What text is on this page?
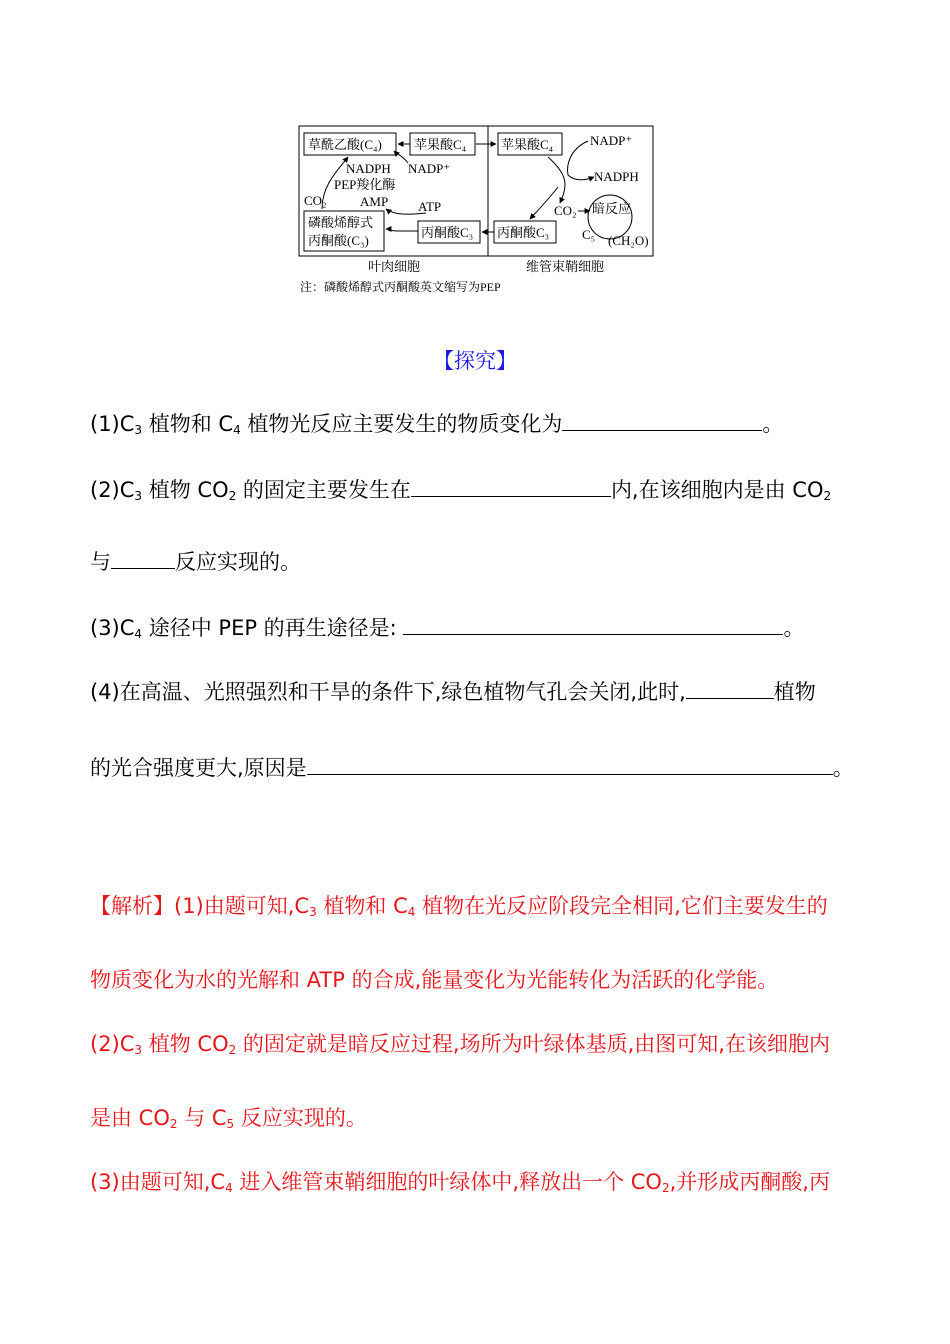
草酰乙酸(C₄) 苹果酸C₄
NADPH NADP⁺
PEP羧化酶
AMP ATP
CO₂
磷酸烯醇式
丙酮酸(C₃)
丙酮酸C₃
苹果酸C₄	NADP⁺
NADPH
CO₂ 暗反应
C₅ (CH₂O)
丙酮酸C₃
叶肉细胞	维管束鞘细胞
注：磷酸烯醇式丙酮酸英文缩写为PEP
【探究】
$(1)C_3$ 植物和 $C_4$ 植物光反应主要发生的物质变化为	。
$(2)C_3$ 植物 $CO_2$ 的固定主要发生在	内,在该细胞内是由 $CO_2$
与	反应实现的。
$(3)C_4$ 途径中 PEP 的再生途径是:	。
(4)在高温、光照强烈和干旱的条件下,绿色植物气孔会关闭,此时,	植物
的光合强度更大,原因是	。
【解析】(1)由题可知$,C_3$ 植物和 $C_4$ 植物在光反应阶段完全相同,它们主要发生的
物质变化为水的光解和 ATP 的合成,能量变化为光能转化为活跃的化学能。
$(2)C_3$ 植物 $CO_2$ 的固定就是暗反应过程,场所为叶绿体基质,由图可知,在该细胞内
是由 $CO_2$ 与 $C_5$ 反应实现的。
(3)由题可知$,C_4$ 进入维管束鞘细胞的叶绿体中,释放出一个 $CO_2$,并形成丙酮酸,丙
